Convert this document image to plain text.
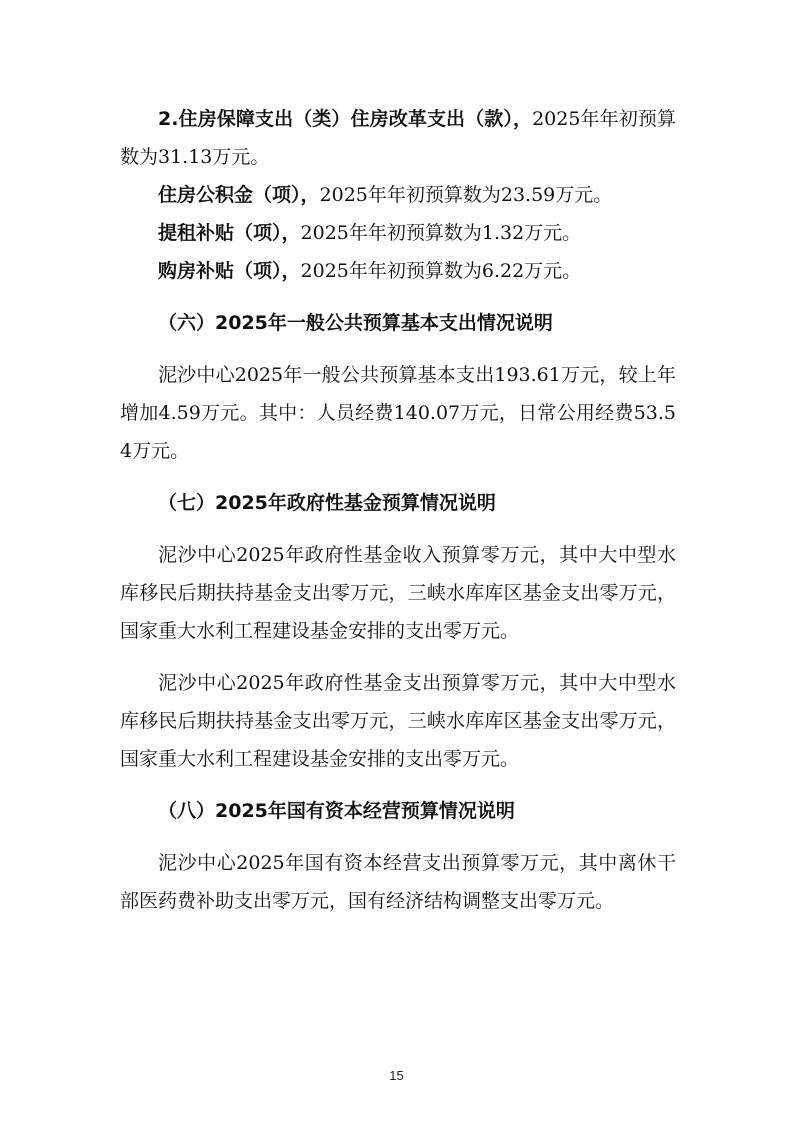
2.住房保障支出（类）住房改革支出（款），2025年年初预算数为31.13万元。

住房公积金（项），2025年年初预算数为23.59万元。

提租补贴（项），2025年年初预算数为1.32万元。

购房补贴（项），2025年年初预算数为6.22万元。

（六）2025年一般公共预算基本支出情况说明

泥沙中心2025年一般公共预算基本支出193.61万元，较上年增加4.59万元。其中：人员经费140.07万元，日常公用经费53.54万元。

（七）2025年政府性基金预算情况说明

泥沙中心2025年政府性基金收入预算零万元，其中大中型水库移民后期扶持基金支出零万元，三峡水库库区基金支出零万元，国家重大水利工程建设基金安排的支出零万元。

泥沙中心2025年政府性基金支出预算零万元，其中大中型水库移民后期扶持基金支出零万元，三峡水库库区基金支出零万元，国家重大水利工程建设基金安排的支出零万元。

（八）2025年国有资本经营预算情况说明

泥沙中心2025年国有资本经营支出预算零万元，其中离休干部医药费补助支出零万元，国有经济结构调整支出零万元。

15
